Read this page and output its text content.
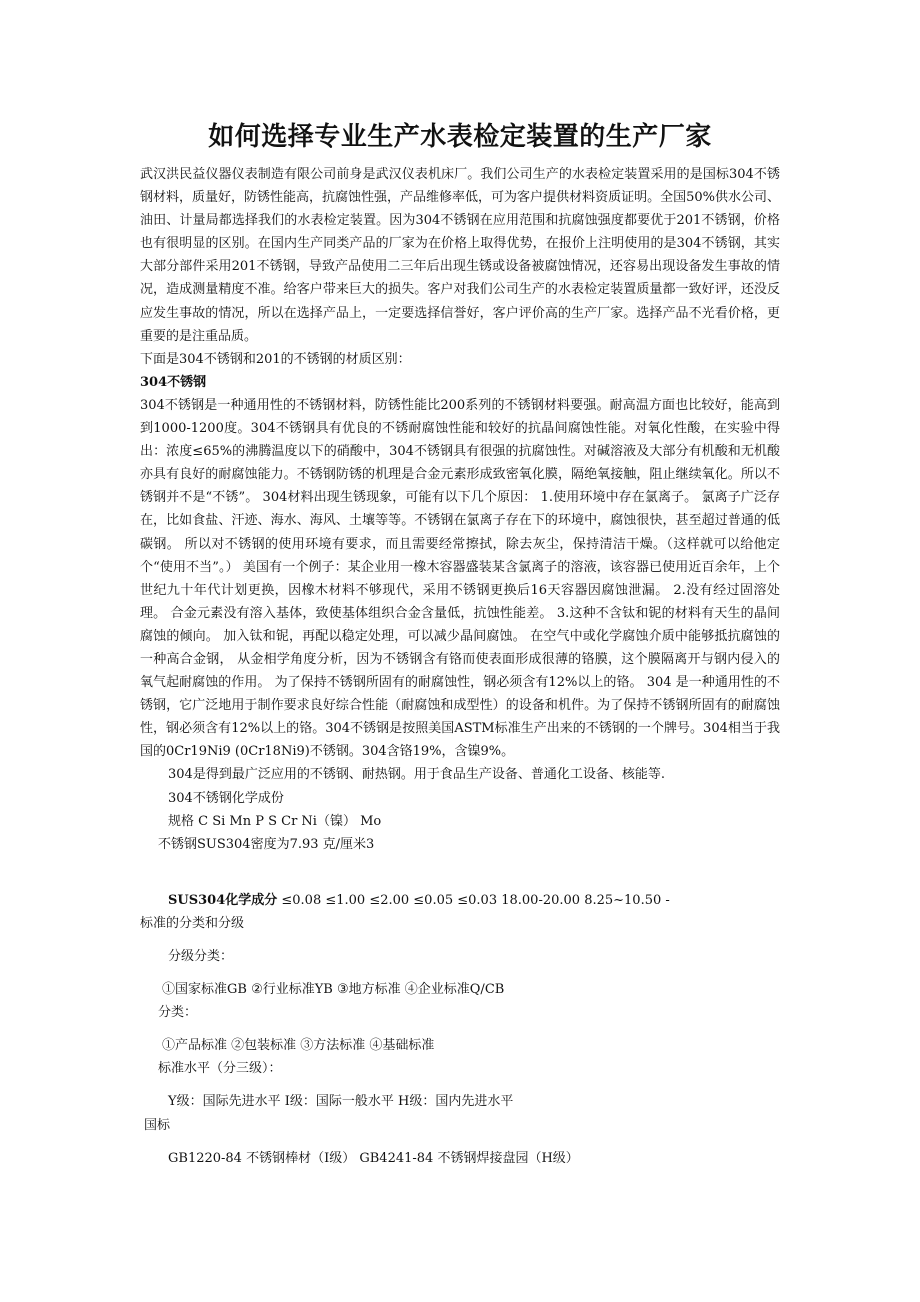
如何选择专业生产水表检定装置的生产厂家

武汉洪民益仪器仪表制造有限公司前身是武汉仪表机床厂。我们公司生产的水表检定装置采用的是国标304不锈钢材料，质量好，防锈性能高，抗腐蚀性强，产品维修率低，可为客户提供材料资质证明。全国50%供水公司、油田、计量局都选择我们的水表检定装置。因为304不锈钢在应用范围和抗腐蚀强度都要优于201不锈钢，价格也有很明显的区别。在国内生产同类产品的厂家为在价格上取得优势，在报价上注明使用的是304不锈钢，其实大部分部件采用201不锈钢，导致产品使用二三年后出现生锈或设备被腐蚀情况，还容易出现设备发生事故的情况，造成测量精度不准。给客户带来巨大的损失。客户对我们公司生产的水表检定装置质量都一致好评，还没反应发生事故的情况，所以在选择产品上，一定要选择信誉好，客户评价高的生产厂家。选择产品不光看价格，更重要的是注重品质。

下面是304不锈钢和201的不锈钢的材质区别：

304不锈钢

304不锈钢是一种通用性的不锈钢材料，防锈性能比200系列的不锈钢材料要强。耐高温方面也比较好，能高到到1000-1200度。304不锈钢具有优良的不锈耐腐蚀性能和较好的抗晶间腐蚀性能。对氧化性酸，在实验中得出：浓度≤65%的沸腾温度以下的硝酸中，304不锈钢具有很强的抗腐蚀性。对碱溶液及大部分有机酸和无机酸亦具有良好的耐腐蚀能力。不锈钢防锈的机理是合金元素形成致密氧化膜，隔绝氧接触，阻止继续氧化。所以不锈钢并不是“不锈”。 304材料出现生锈现象，可能有以下几个原因： 1.使用环境中存在氯离子。 氯离子广泛存在，比如食盐、汗迹、海水、海风、土壤等等。不锈钢在氯离子存在下的环境中，腐蚀很快，甚至超过普通的低碳钢。 所以对不锈钢的使用环境有要求，而且需要经常擦拭，除去灰尘，保持清洁干燥。（这样就可以给他定个“使用不当”。） 美国有一个例子：某企业用一橡木容器盛装某含氯离子的溶液，该容器已使用近百余年，上个世纪九十年代计划更换，因橡木材料不够现代，采用不锈钢更换后16天容器因腐蚀泄漏。 2.没有经过固溶处理。 合金元素没有溶入基体，致使基体组织合金含量低，抗蚀性能差。 3.这种不含钛和铌的材料有天生的晶间腐蚀的倾向。 加入钛和铌，再配以稳定处理，可以减少晶间腐蚀。 在空气中或化学腐蚀介质中能够抵抗腐蚀的一种高合金钢， 从金相学角度分析，因为不锈钢含有铬而使表面形成很薄的铬膜，这个膜隔离开与钢内侵入的氧气起耐腐蚀的作用。 为了保持不锈钢所固有的耐腐蚀性，钢必须含有12%以上的铬。 304 是一种通用性的不锈钢，它广泛地用于制作要求良好综合性能（耐腐蚀和成型性）的设备和机件。为了保持不锈钢所固有的耐腐蚀性，钢必须含有12%以上的铬。304不锈钢是按照美国ASTM标准生产出来的不锈钢的一个牌号。304相当于我国的0Cr19Ni9 (0Cr18Ni9)不锈钢。304含铬19%，含镍9%。

304是得到最广泛应用的不锈钢、耐热钢。用于食品生产设备、普通化工设备、核能等.

304不锈钢化学成份

规格 C Si Mn P S Cr Ni（镍） Mo

不锈钢SUS304密度为7.93 克/厘米3

SUS304化学成分 ≤0.08 ≤1.00 ≤2.00 ≤0.05 ≤0.03 18.00-20.00 8.25~10.50 -

标准的分类和分级

分级分类：

①国家标准GB ②行业标准YB ③地方标准 ④企业标准Q/CB

分类：

①产品标准 ②包装标准 ③方法标准 ④基础标准

标准水平（分三级）：

Y级：国际先进水平 I级：国际一般水平 H级：国内先进水平

国标

GB1220-84 不锈钢棒材（I级） GB4241-84 不锈钢焊接盘园（H级）
